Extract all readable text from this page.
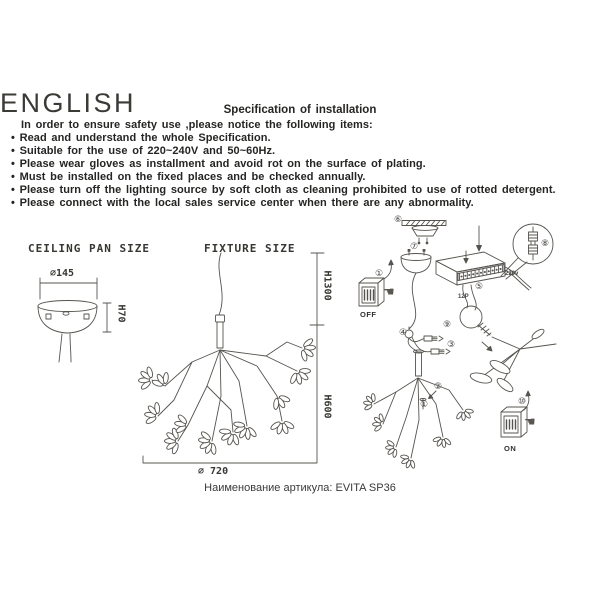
ENGLISH	Specification of installation
In order to ensure safety use ,please notice the following items:
• Read and understand the whole Specification.
• Suitable for the use of 220~240V and 50~60Hz.
• Please wear gloves as installment and avoid rot on the surface of plating.
• Must be installed on the fixed places and be checked annually.
• Please turn off the lighting source by soft cloth as cleaning prohibited to use of rotted detergent.
• Please connect with the local sales service center when there are any abnormality.
CEILING PAN SIZE	FIXTURE SIZE
∅145
H70
H1300
H600
∅ 720
①
②
①
③
④
⑤
⑥
⑦	⑧
⑨
⑩
OFF
ON
220v
12P
☚
☚
Наименование артикула: EVITA SP36
